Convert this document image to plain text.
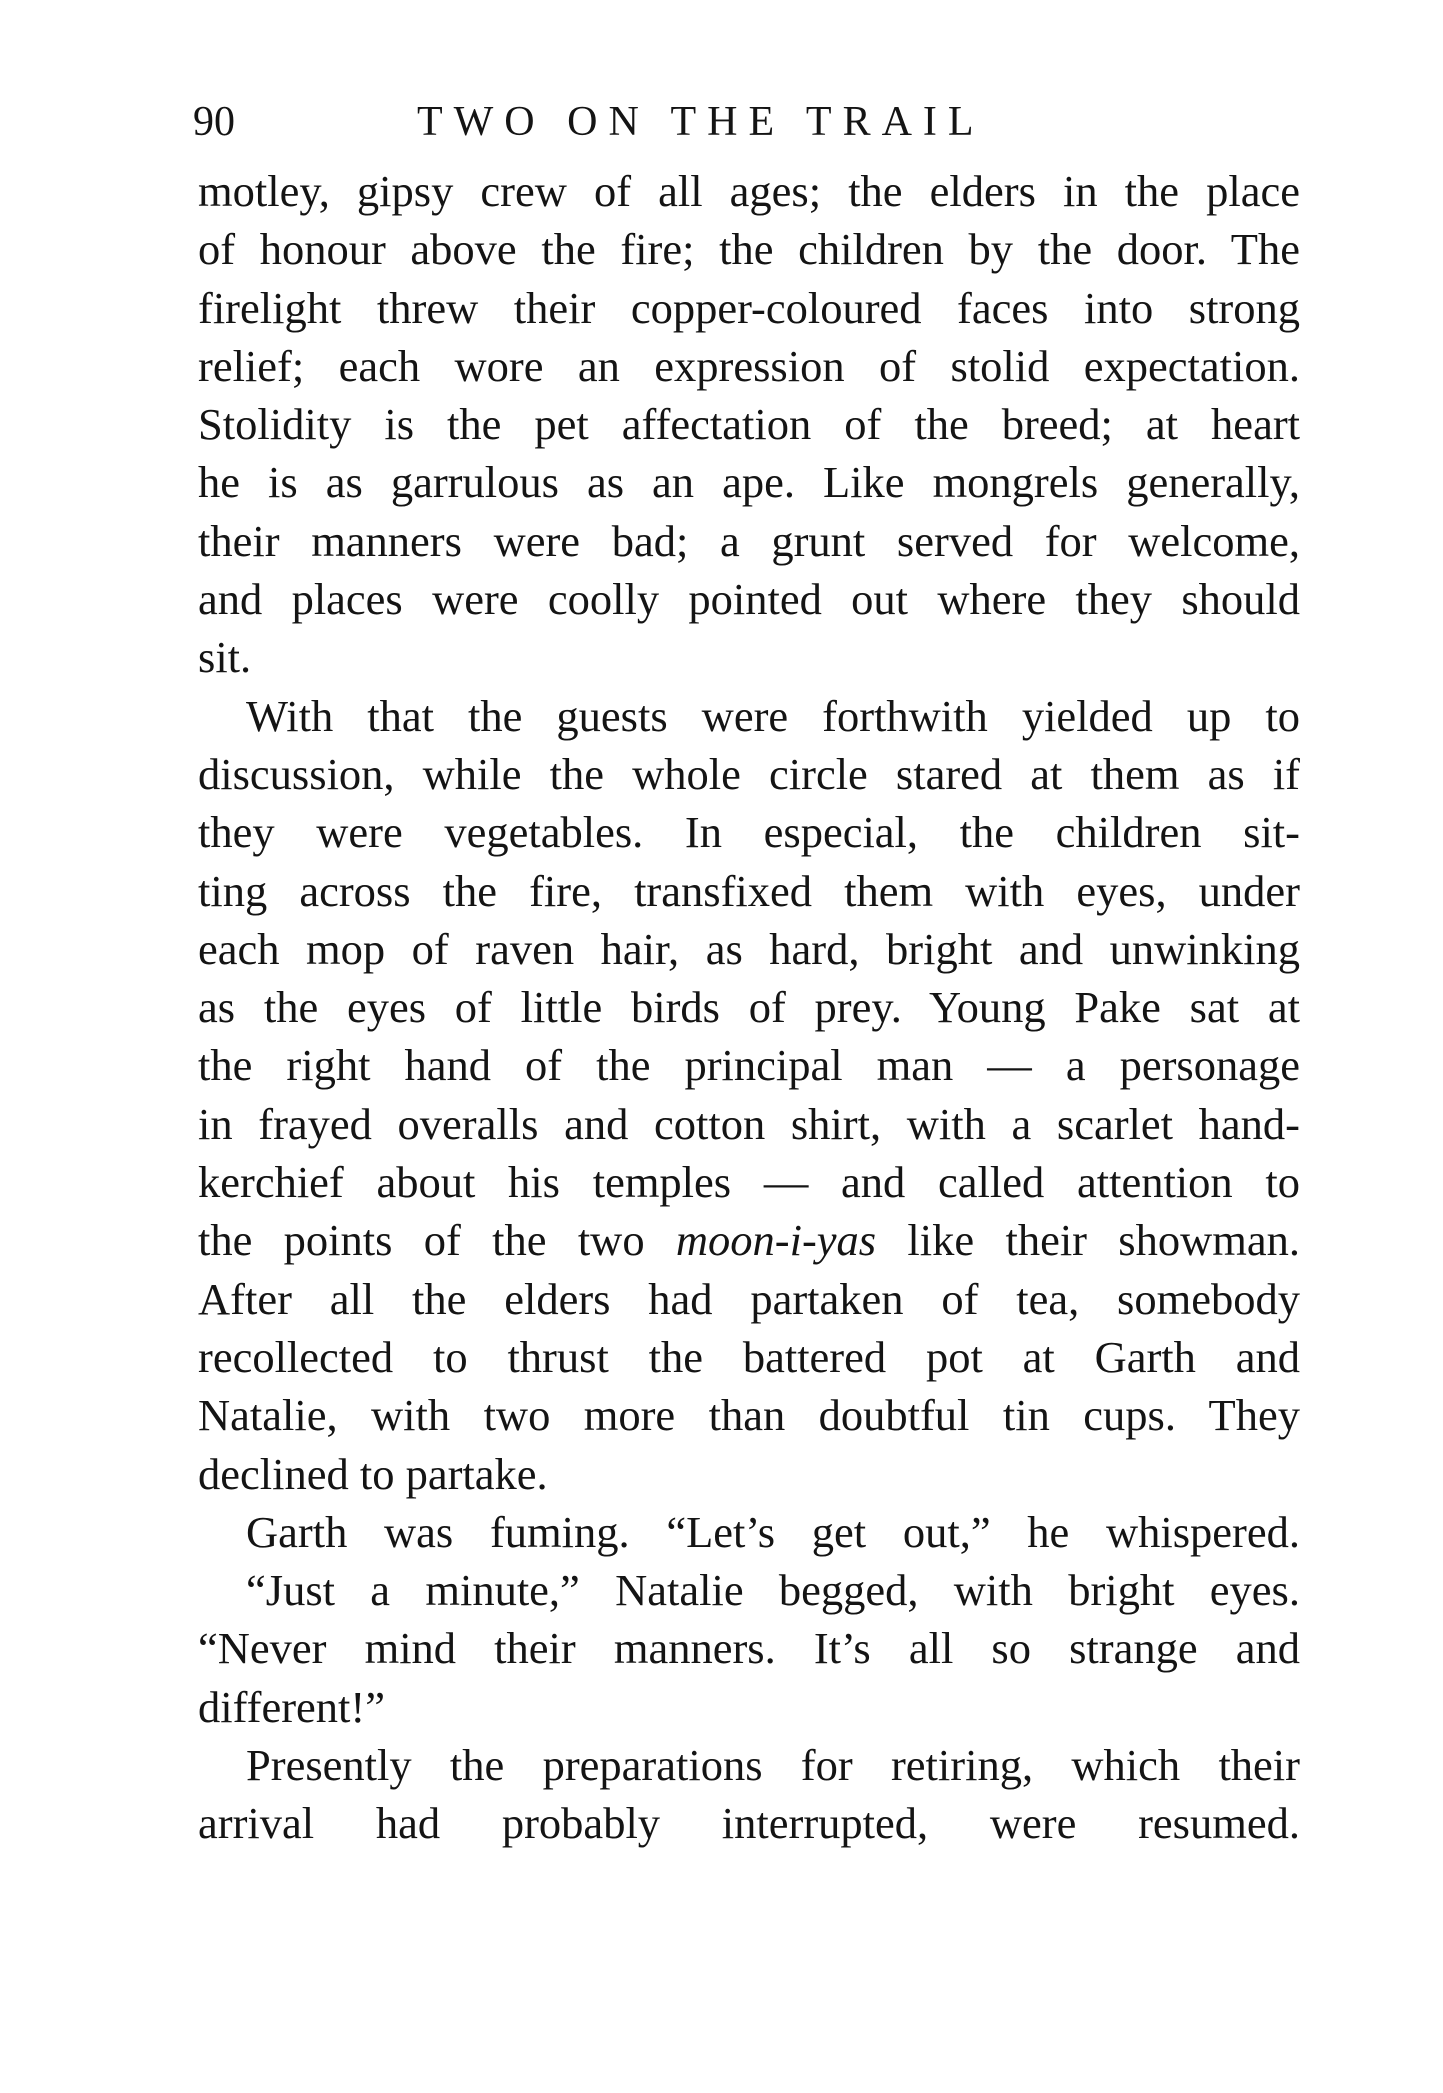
90	TWO ON THE TRAIL
motley, gipsy crew of all ages; the elders in the place
of honour above the fire; the children by the door. The
firelight threw their copper-coloured faces into strong
relief; each wore an expression of stolid expectation.
Stolidity is the pet affectation of the breed; at heart
he is as garrulous as an ape. Like mongrels generally,
their manners were bad; a grunt served for welcome,
and places were coolly pointed out where they should
sit.
With that the guests were forthwith yielded up to
discussion, while the whole circle stared at them as if
they were vegetables. In especial, the children sit-
ting across the fire, transfixed them with eyes, under
each mop of raven hair, as hard, bright and unwinking
as the eyes of little birds of prey. Young Pake sat at
the right hand of the principal man — a personage
in frayed overalls and cotton shirt, with a scarlet hand-
kerchief about his temples — and called attention to
the points of the two moon-i-yas like their showman.
After all the elders had partaken of tea, somebody
recollected to thrust the battered pot at Garth and
Natalie, with two more than doubtful tin cups. They
declined to partake.
Garth was fuming. “Let’s get out,” he whispered.
“Just a minute,” Natalie begged, with bright eyes.
“Never mind their manners. It’s all so strange and
different!”
Presently the preparations for retiring, which their
arrival had probably interrupted, were resumed.
